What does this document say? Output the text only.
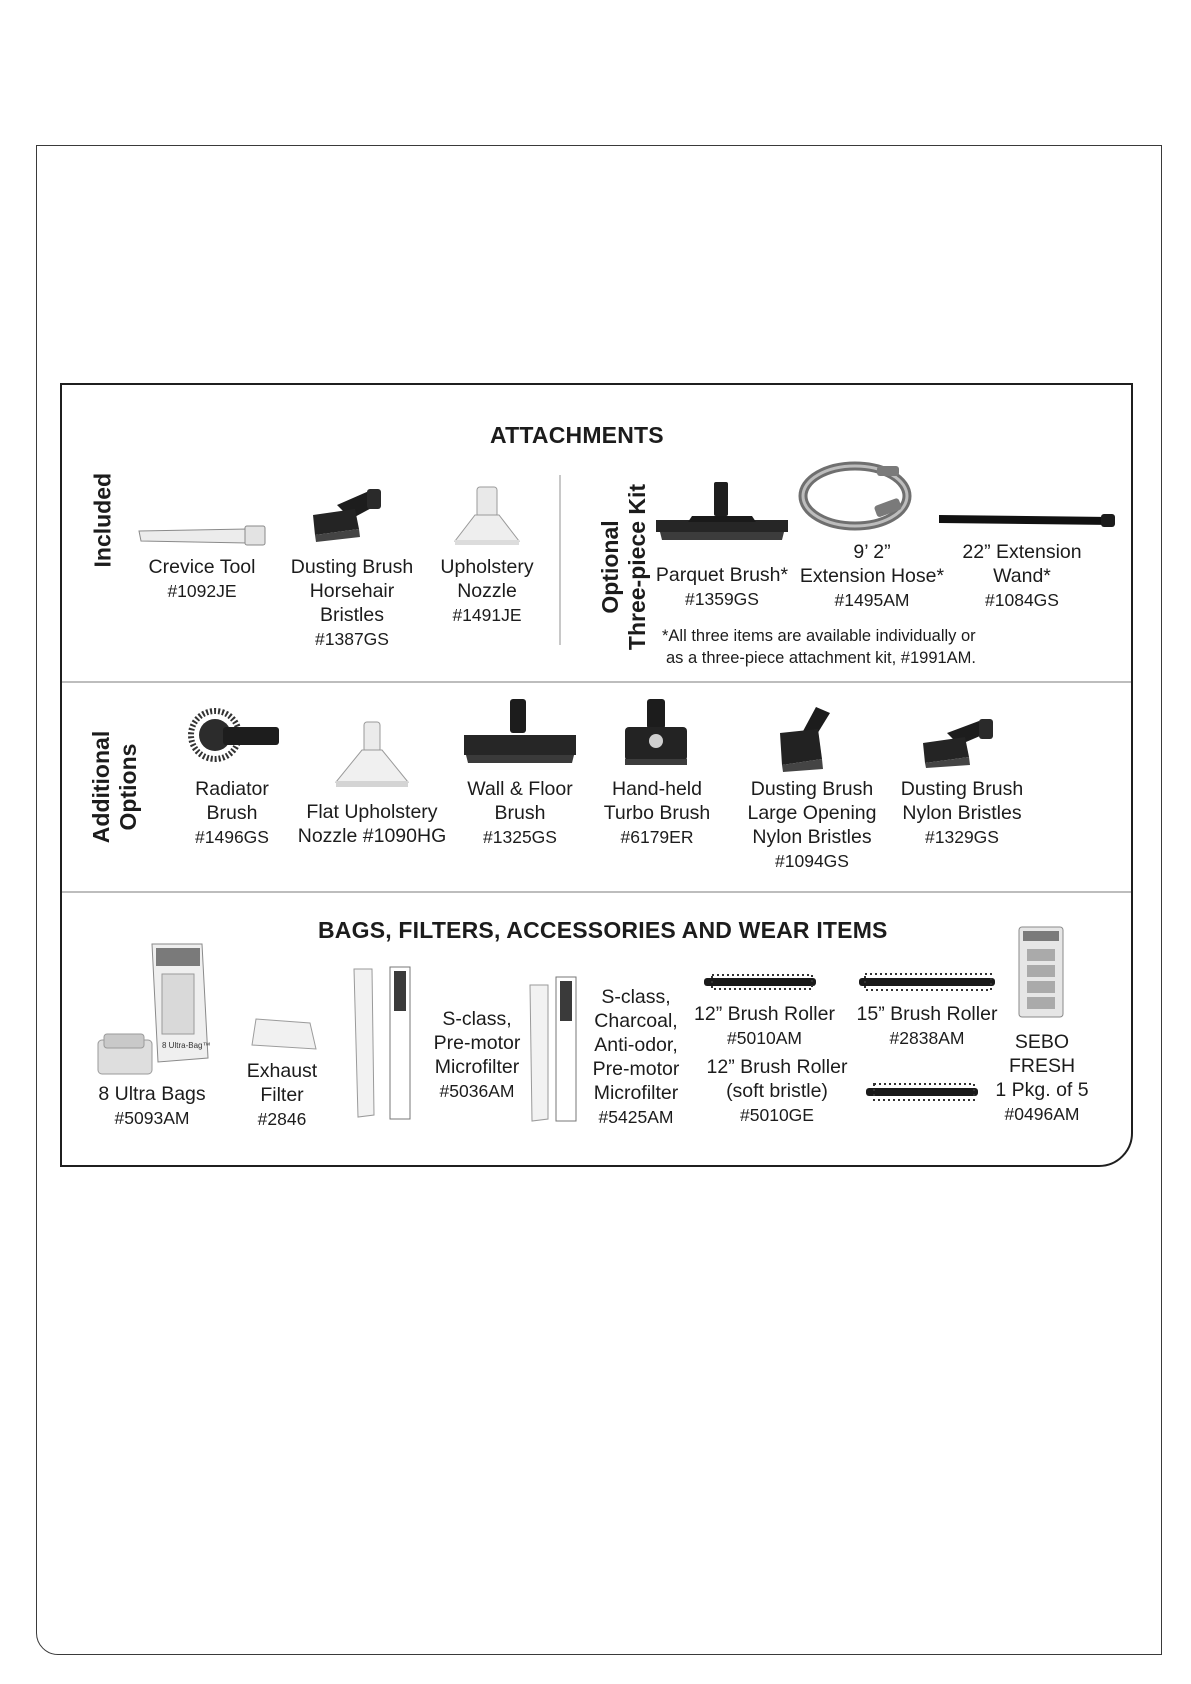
ATTACHMENTS
Included	Crevice Tool
#1092JE
Dusting Brush
Horsehair
Bristles
#1387GS
Upholstery
Nozzle
#1491JE
Optional Three-piece Kit Parquet Brush*
#1359GS
9’ 2”
Extension Hose*
#1495AM
22” Extension
Wand*
#1084GS
*All three items are available individually or
as a three-piece attachment kit, #1991AM.
Additional Options	Radiator
Brush
#1496GS
Flat Upholstery
Nozzle #1090HG
Wall & Floor
Brush
#1325GS
Hand-held
Turbo Brush
#6179ER
Dusting Brush
Large Opening
Nylon Bristles
#1094GS
Dusting Brush
Nylon Bristles
#1329GS
BAGS, FILTERS, ACCESSORIES AND WEAR ITEMS
8 Ultra-Bag™
8 Ultra Bags
#5093AM
Exhaust
Filter
#2846
S-class,
Pre-motor
Microfilter
#5036AM
S-class,
Charcoal,
Anti-odor,
Pre-motor
Microfilter
#5425AM
12” Brush Roller
#5010AM
15” Brush Roller
#2838AM
12” Brush Roller
(soft bristle)
#5010GE
SEBO
FRESH
1 Pkg. of 5
#0496AM
